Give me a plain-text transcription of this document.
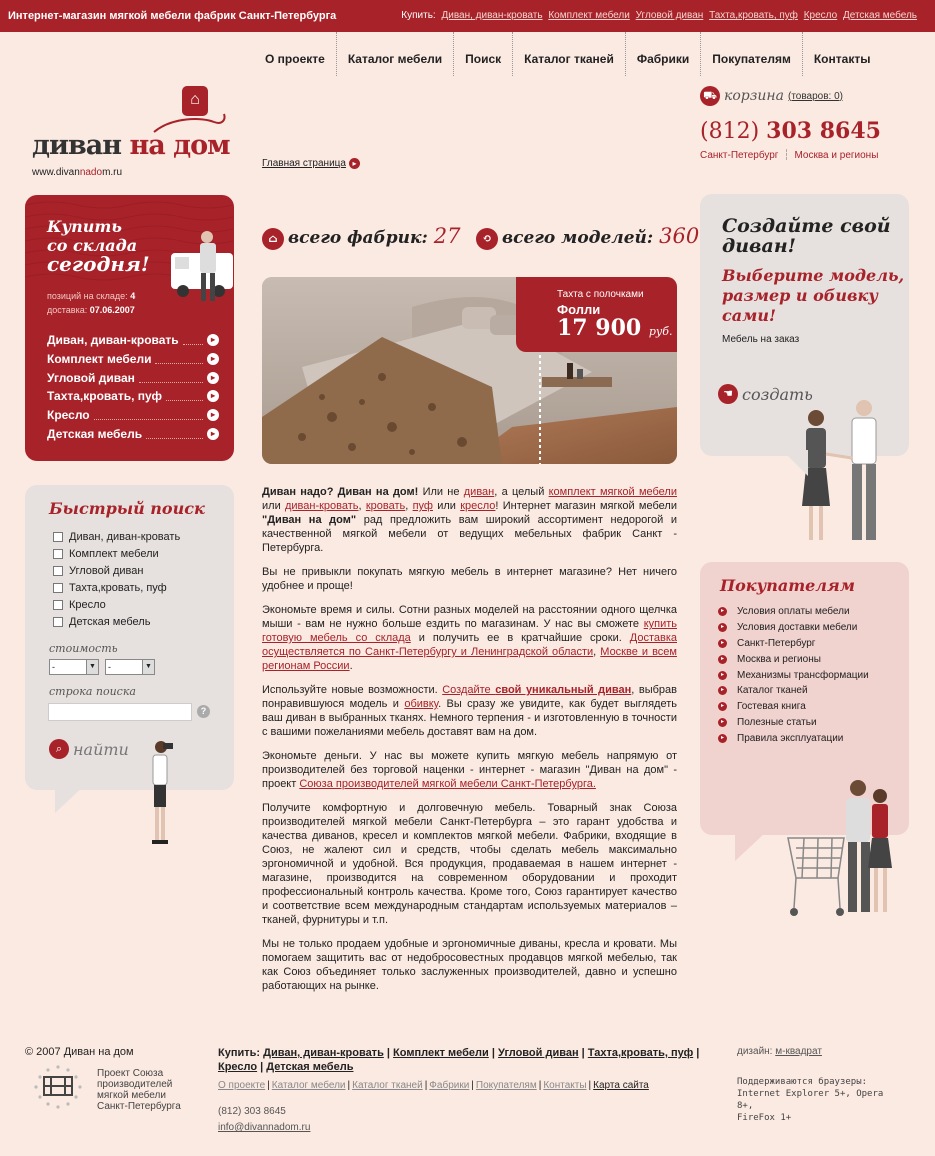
Интернет-магазин мягкой мебели фабрик Санкт-Петербурга	Купить: Диван, диван-кровать Комплект мебели Угловой диван Тахта,кровать, пуф Кресло Детская мебель
О проекте	Каталог мебели	Поиск	Каталог тканей	Фабрики	Покупателям	Контакты
⌂
диван на дом
www.divannadom.ru
Главная страница ▸
⛟ корзина (товаров: 0)
(812) 303 8645
Санкт-Петербург ┆ Москва и регионы
Купить
со склада
сегодня!
позиций на складе: 4
доставка: 07.06.2007
Диван, диван-кровать	▸
Комплект мебели	▸
Угловой диван	▸
Тахта,кровать, пуф	▸
Кресло	▸
Детская мебель	▸
Быстрый поиск
Диван, диван-кровать
Комплект мебели
Угловой диван
Тахта,кровать, пуф
Кресло
Детская мебель
стоимость
-	▼	-	▼
строка поиска
?
⌕ найти
⌂ всего фабрик: 27	⟲ всего моделей: 360
Тахта с полочками
Фолли
17 900 руб.

Диван надо? Диван на дом! Или не диван, а целый комплект мягкой мебели или диван-кровать, кровать, пуф или кресло! Интернет магазин мягкой мебели "Диван на дом" рад предложить вам широкий ассортимент недорогой и качественной мягкой мебели от ведущих мебельных фабрик Санкт - Петербурга.

Вы не привыкли покупать мягкую мебель в интернет магазине? Нет ничего удобнее и проще!

Экономьте время и силы. Сотни разных моделей на расстоянии одного щелчка мыши - вам не нужно больше ездить по магазинам. У нас вы сможете купить готовую мебель со склада и получить ее в кратчайшие сроки. Доставка осуществляется по Санкт-Петербургу и Ленинградской области, Москве и всем регионам России.

Используйте новые возможности. Создайте свой уникальный диван, выбрав понравившуюся модель и обивку. Вы сразу же увидите, как будет выглядеть ваш диван в выбранных тканях. Немного терпения - и изготовленную в точности с вашими пожеланиями мебель доставят вам на дом.

Экономьте деньги. У нас вы можете купить мягкую мебель напрямую от производителей без торговой наценки - интернет - магазин "Диван на дом" - проект Союза производителей мягкой мебели Санкт-Петербурга.

Получите комфортную и долговечную мебель. Товарный знак Союза производителей мягкой мебели Санкт-Петербурга – это гарант удобства и качества диванов, кресел и комплектов мягкой мебели. Фабрики, входящие в Союз, не жалеют сил и средств, чтобы сделать мебель максимально эргономичной и удобной. Вся продукция, продаваемая в нашем интернет - магазине, производится на современном оборудовании и проходит профессиональный контроль качества. Кроме того, Союз гарантирует качество и соответствие всем международным стандартам используемых материалов – тканей, фурнитуры и т.п.

Мы не только продаем удобные и эргономичные диваны, кресла и кровати. Мы помогаем защитить вас от недобросовестных продавцов мягкой мебелью, так как Союз объединяет только заслуженных производителей, давно и успешно работающих на рынке.

Создайте свой
диван!
Выберите модель,
размер и обивку
сами!
Мебель на заказ
☚ создать
Покупателям
▸	Условия оплаты мебели
▸	Условия доставки мебели
▸	Санкт-Петербург
▸	Москва и регионы
▸	Механизмы трансформации
▸	Каталог тканей
▸	Гостевая книга
▸	Полезные статьи
▸	Правила эксплуатации
© 2007 Диван на дом
Проект Союза
производителей
мягкой мебели
Санкт-Петербурга
Купить: Диван, диван-кровать | Комплект мебели | Угловой диван | Тахта,кровать, пуф | Кресло | Детская мебель
О проекте | Каталог мебели | Каталог тканей | Фабрики | Покупателям | Контакты | Карта сайта
(812) 303 8645
info@divannadom.ru
дизайн: м-квадрат
Поддерживаются браузеры:
Internet Explorer 5+, Opera 8+,
FireFox 1+
